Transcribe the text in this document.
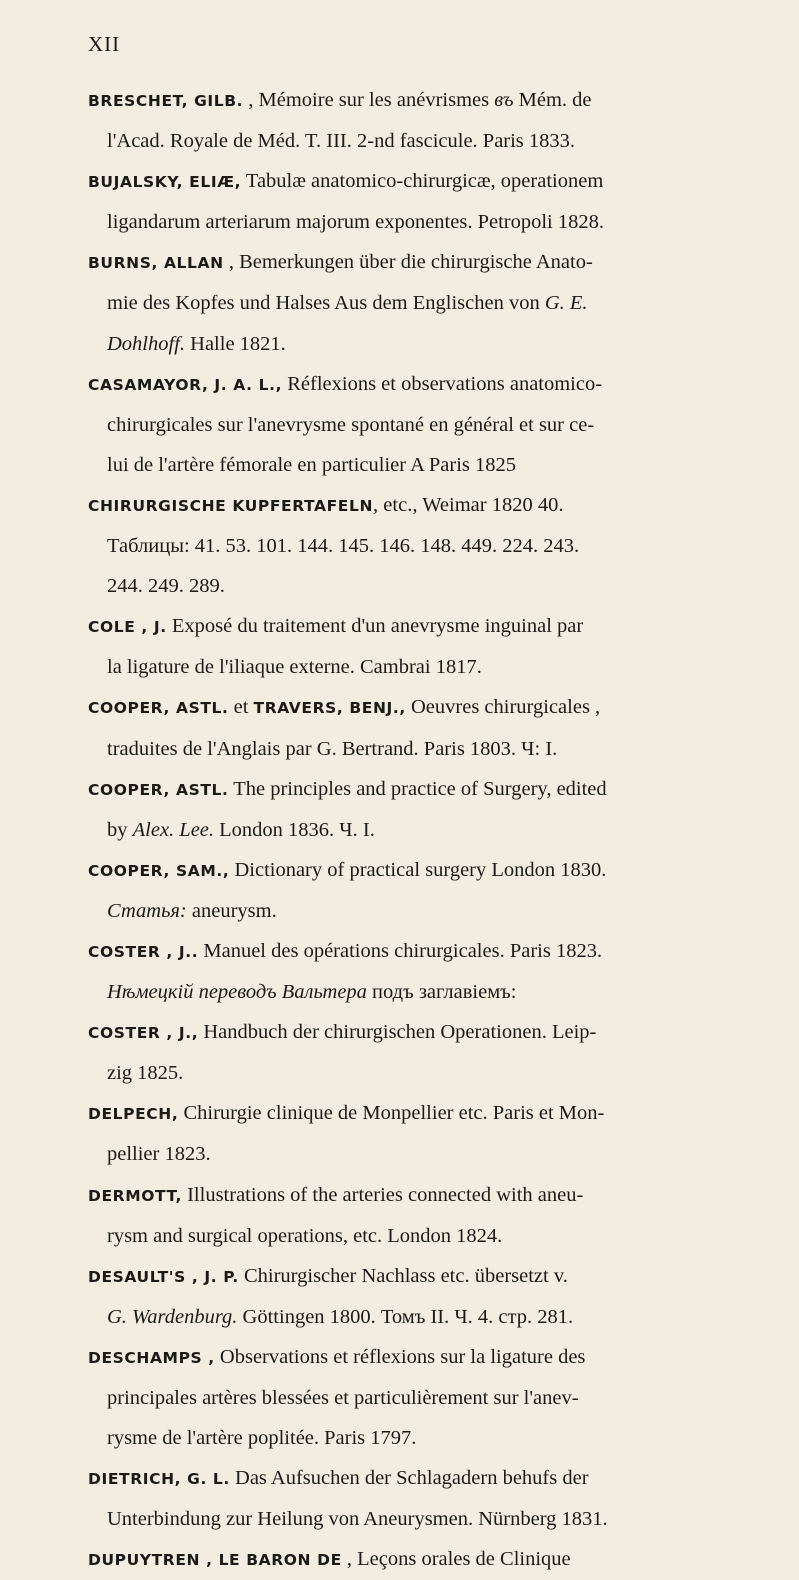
XII

BRESCHET, GILB. , Mémoire sur les anévrismes въ Mém. de
l'Acad. Royale de Méd. T. III. 2-nd fascicule. Paris 1833.

BUJALSKY, ELIÆ, Tabulæ anatomico-chirurgicæ, operationem
ligandarum arteriarum majorum exponentes. Petropoli 1828.

BURNS, ALLAN , Bemerkungen über die chirurgische Anato-
mie des Kopfes und Halses Aus dem Englischen von G. E.
Dohlhoff. Halle 1821.

CASAMAYOR, J. A. L., Réflexions et observations anatomico-
chirurgicales sur l'anevrysme spontané en général et sur ce-
lui de l'artère fémorale en particulier A Paris 1825

CHIRURGISCHE KUPFERTAFELN, etc., Weimar 1820 40.
Таблицы: 41. 53. 101. 144. 145. 146. 148. 449. 224. 243.
244. 249. 289.

COLE , J. Exposé du traitement d'un anevrysme inguinal par
la ligature de l'iliaque externe. Cambrai 1817.

COOPER, ASTL. et TRAVERS, BENJ., Oeuvres chirurgicales ,
traduites de l'Anglais par G. Bertrand. Paris 1803. Ч: I.

COOPER, ASTL. The principles and practice of Surgery, edited
by Alex. Lee. London 1836. Ч. I.

COOPER, SAM., Dictionary of practical surgery London 1830.
Статья: aneurysm.

COSTER , J.. Manuel des opérations chirurgicales. Paris 1823.
Нѣмецкій переводъ Вальтера подъ заглавіемъ:

COSTER , J., Handbuch der chirurgischen Operationen. Leip-
zig 1825.

DELPECH, Chirurgie clinique de Monpellier etc. Paris et Mon-
pellier 1823.

DERMOTT, Illustrations of the arteries connected with aneu-
rysm and surgical operations, etc. London 1824.

DESAULT'S , J. P. Chirurgischer Nachlass etc. übersetzt v.
G. Wardenburg. Göttingen 1800. Томъ II. Ч. 4. стр. 281.

DESCHAMPS , Observations et réflexions sur la ligature des
principales artères blessées et particulièrement sur l'anev-
rysme de l'artère poplitée. Paris 1797.

DIETRICH, G. L. Das Aufsuchen der Schlagadern behufs der
Unterbindung zur Heilung von Aneurysmen. Nürnberg 1831.

DUPUYTREN , LE BARON DE , Leçons orales de Clinique
